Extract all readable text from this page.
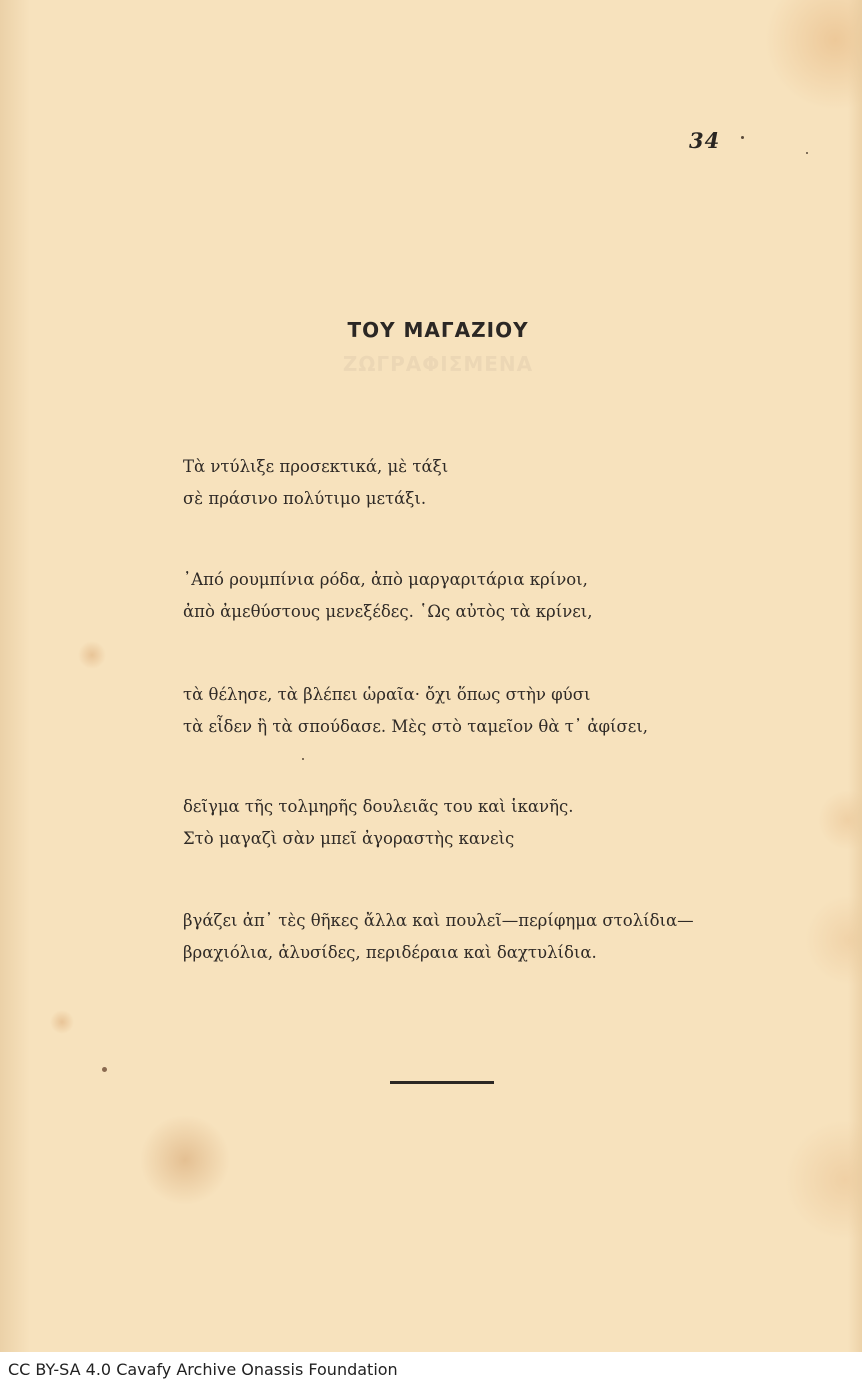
34
ΖΩΓΡΑΦΙΣΜΕΝΑ
ΤΟΥ ΜΑΓΑΖΙΟΥ
Τὰ ντύλιξε προσεκτικά, μὲ τάξι
σὲ πράσινο πολύτιμο μετάξι.
᾿Από ρουμπίνια ρόδα, ἀπὸ μαργαριτάρια κρίνοι,
ἀπὸ ἀμεθύστους μενεξέδες. ῾Ως αὐτὸς τὰ κρίνει,
τὰ θέλησε, τὰ βλέπει ὡραῖα· ὄχι ὅπως στὴν φύσι
τὰ εἶδεν ἢ τὰ σπούδασε. Μὲς στὸ ταμεῖον θὰ τ᾿ ἀφίσει,
δεῖγμα τῆς τολμηρῆς δουλειᾶς του καὶ ἱκανῆς.
Στὸ μαγαζὶ σὰν μπεῖ ἀγοραστὴς κανεὶς
βγάζει ἀπ᾿ τὲς θῆκες ἄλλα καὶ πουλεῖ—περίφημα στολίδια—
βραχιόλια, ἁλυσίδες, περιδέραια καὶ δαχτυλίδια.
CC BY-SA 4.0 Cavafy Archive Onassis Foundation
